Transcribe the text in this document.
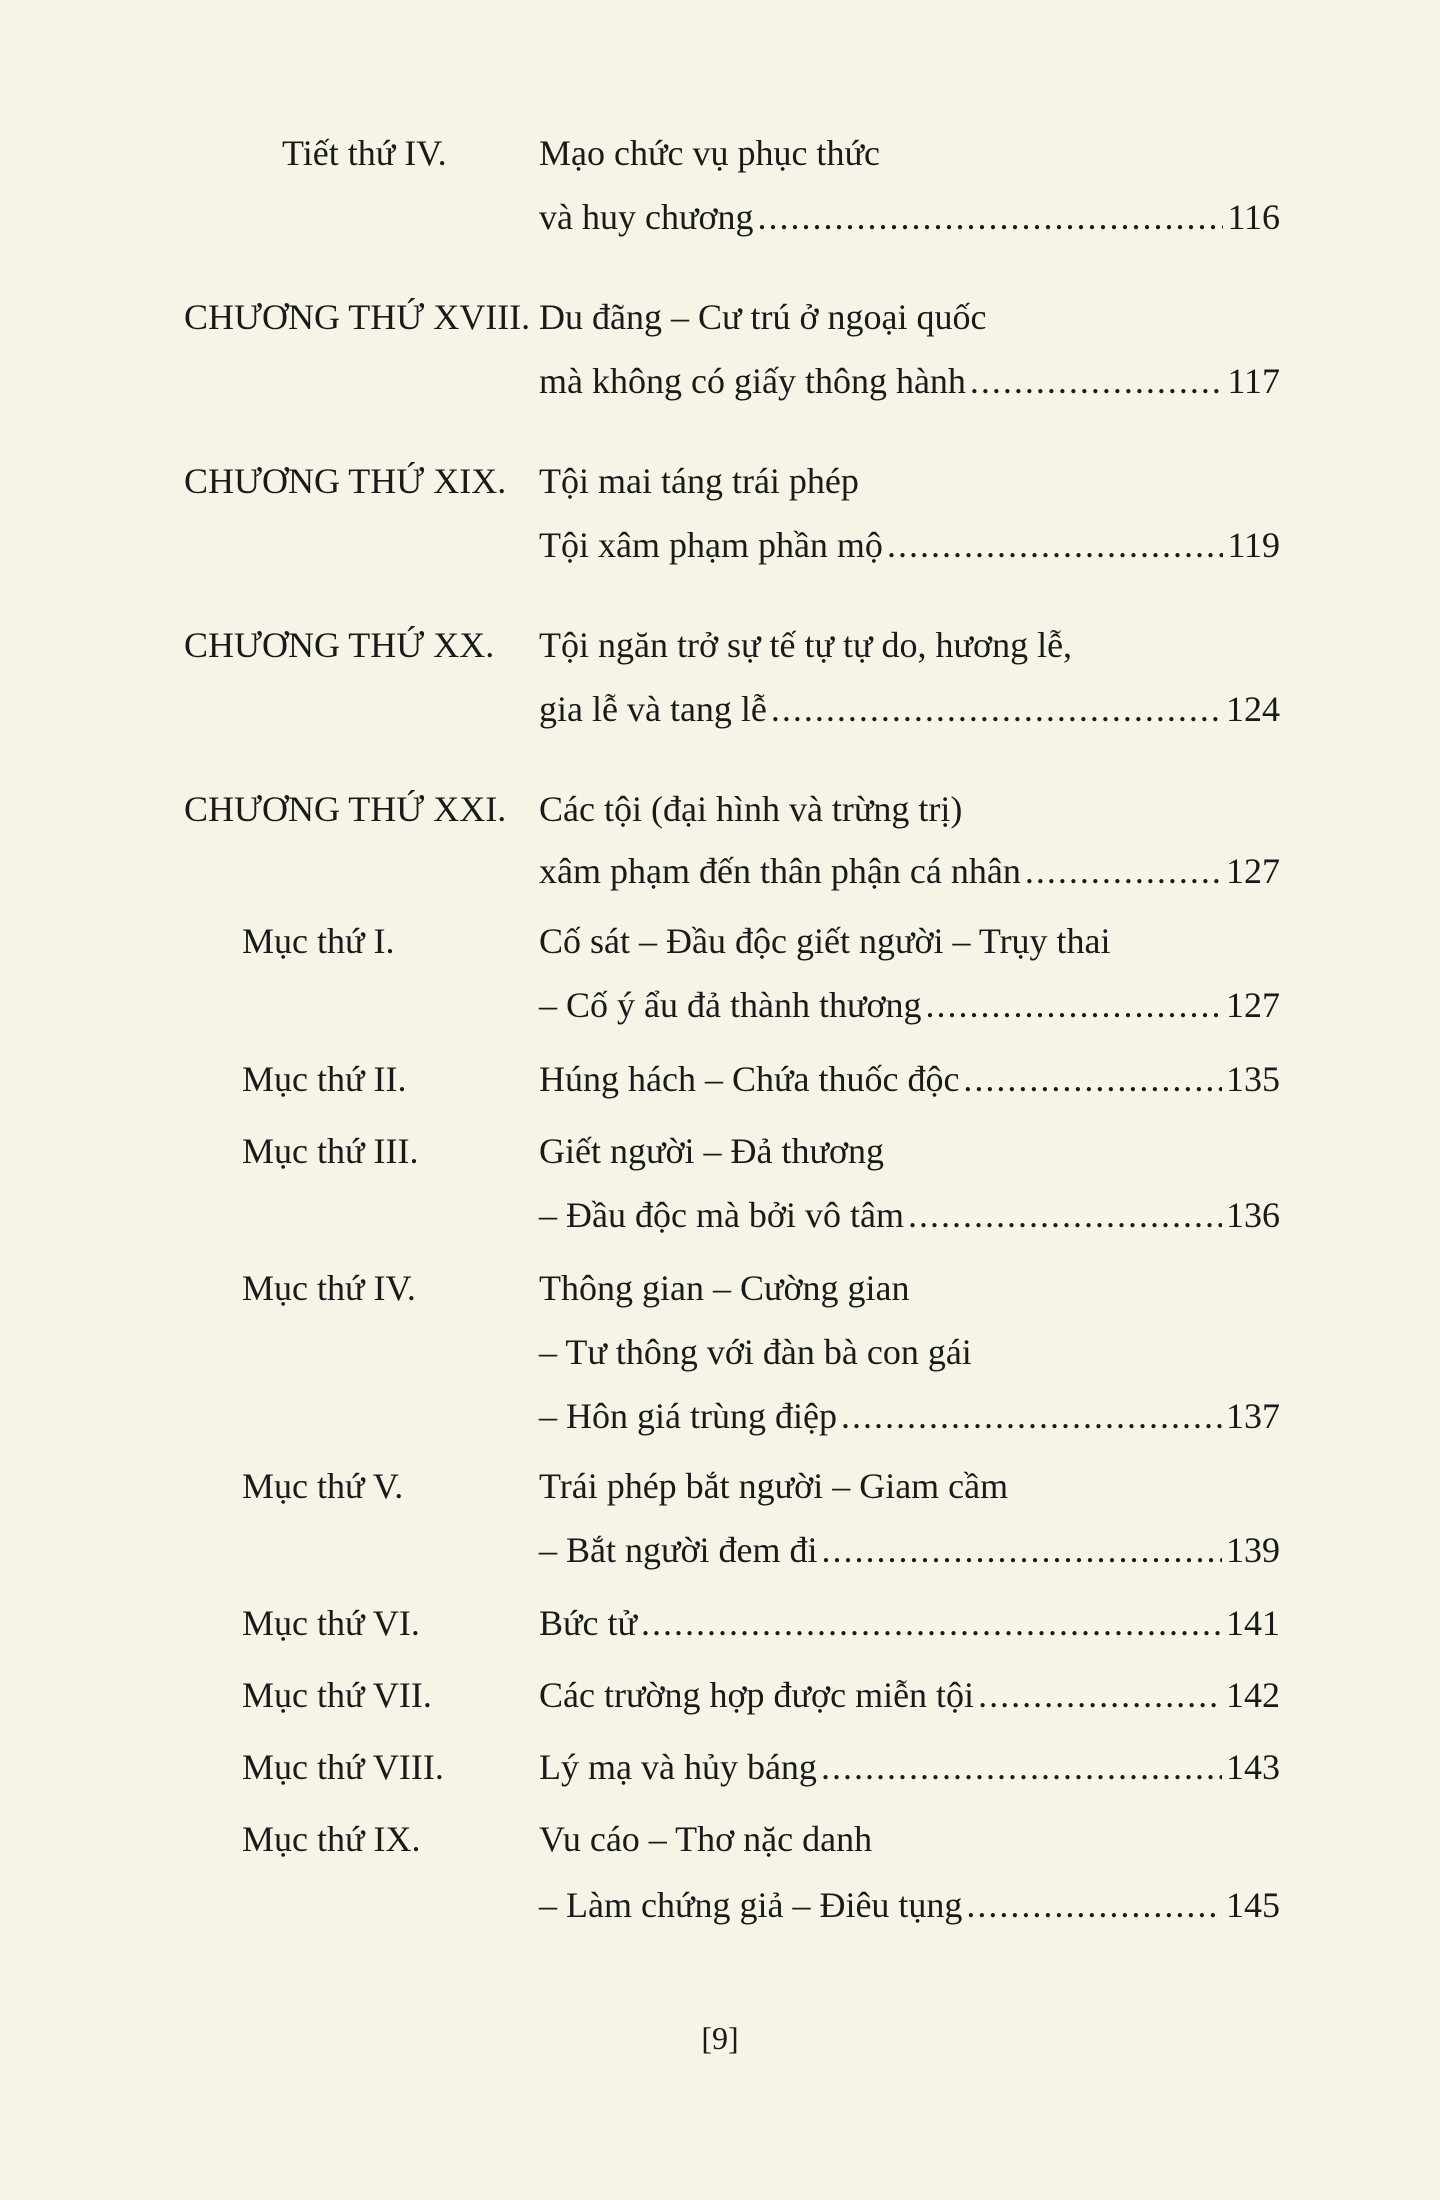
Tiết thứ IV.	Mạo chức vụ phục thức
và huy chương .....	116
CHƯƠNG THỨ XVIII. Du đãng – Cư trú ở ngoại quốc
mà không có giấy thông hành .....	117
CHƯƠNG THỨ XIX. Tội mai táng trái phép
Tội xâm phạm phần mộ .....	119
CHƯƠNG THỨ XX. Tội ngăn trở sự tế tự tự do, hương lễ,
gia lễ và tang lễ .....	124
CHƯƠNG THỨ XXI. Các tội (đại hình và trừng trị)
xâm phạm đến thân phận cá nhân .....	127
Mục thứ I.	Cố sát – Đầu độc giết người – Trụy thai
– Cố ý ẩu đả thành thương .....	127
Mục thứ II.	Húng hách – Chứa thuốc độc .....	135
Mục thứ III.	Giết người – Đả thương
– Đầu độc mà bởi vô tâm .....	136
Mục thứ IV.	Thông gian – Cường gian
– Tư thông với đàn bà con gái
– Hôn giá trùng điệp .....	137
Mục thứ V.	Trái phép bắt người – Giam cầm
– Bắt người đem đi .....	139
Mục thứ VI.	Bức tử .....	141
Mục thứ VII.	Các trường hợp được miễn tội .....	142
Mục thứ VIII.	Lý mạ và hủy báng .....	143
Mục thứ IX.	Vu cáo – Thơ nặc danh
– Làm chứng giả – Điêu tụng .....	145
[9]
